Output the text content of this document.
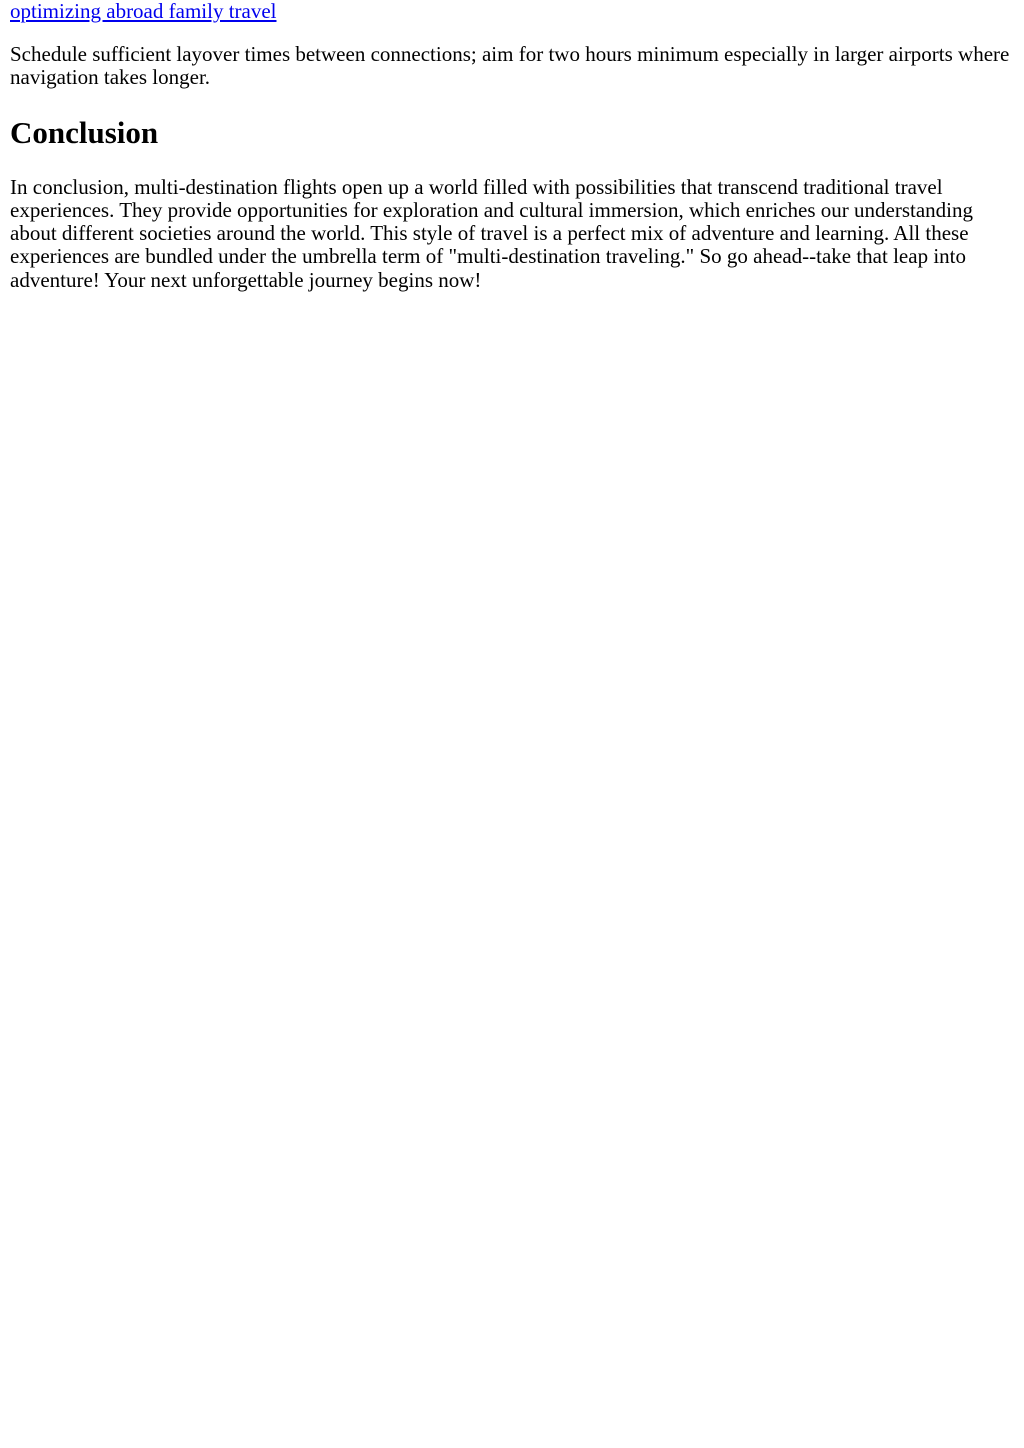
optimizing abroad family travel

Schedule sufficient layover times between connections; aim for two hours minimum especially in larger airports where navigation takes longer.

Conclusion

In conclusion, multi-destination flights open up a world filled with possibilities that transcend traditional travel experiences. They provide opportunities for exploration and cultural immersion, which enriches our understanding about different societies around the world. This style of travel is a perfect mix of adventure and learning. All these experiences are bundled under the umbrella term of "multi-destination traveling." So go ahead--take that leap into adventure! Your next unforgettable journey begins now!
